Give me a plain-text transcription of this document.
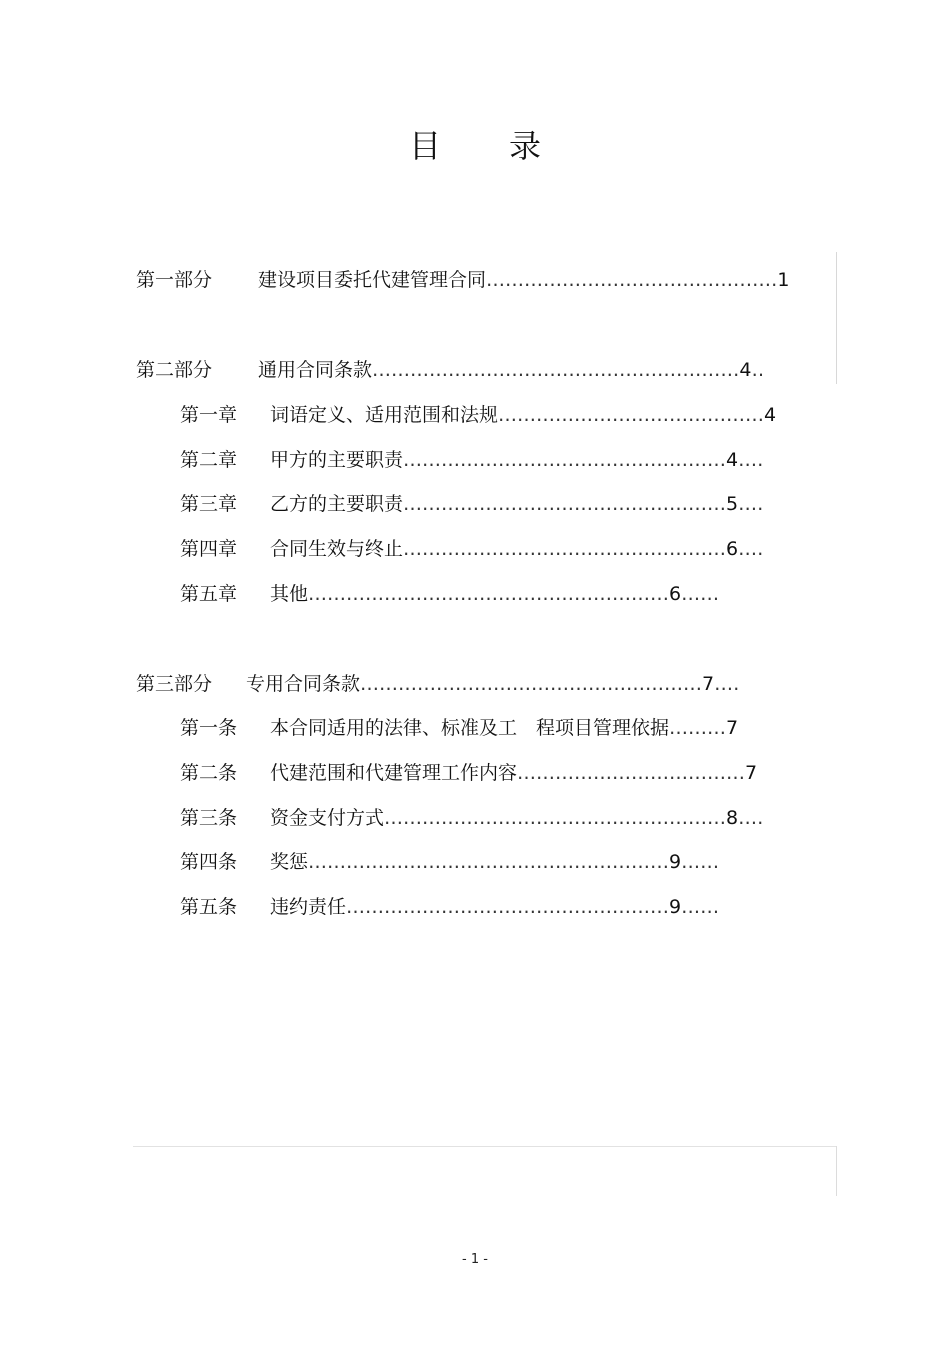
目录
第一部分 建设项目委托代建管理合同…………………………………‥‥…1
第二部分 通用合同条款…………………‥‥……………………………4‥
第一章 词语定义、适用范围和法规……………………………………4
第二章 甲方的主要职责……………………………………………4‥‥
第三章 乙方的主要职责……………………………………………5‥‥
第四章 合同生效与终止……………………………………………6‥‥
第五章 其他…………………………………………………6……
第三部分 专用合同条款………………………………………………7‥‥
第一条 本合同适用的法律、标准及工　程项目管理依据………7
第二条 代建范围和代建管理工作内容………………………………7
第三条 资金支付方式………………………………………………8‥‥
第四条 奖惩…………………………………………………9……
第五条 违约责任……………………………………………9……
- 1 -
